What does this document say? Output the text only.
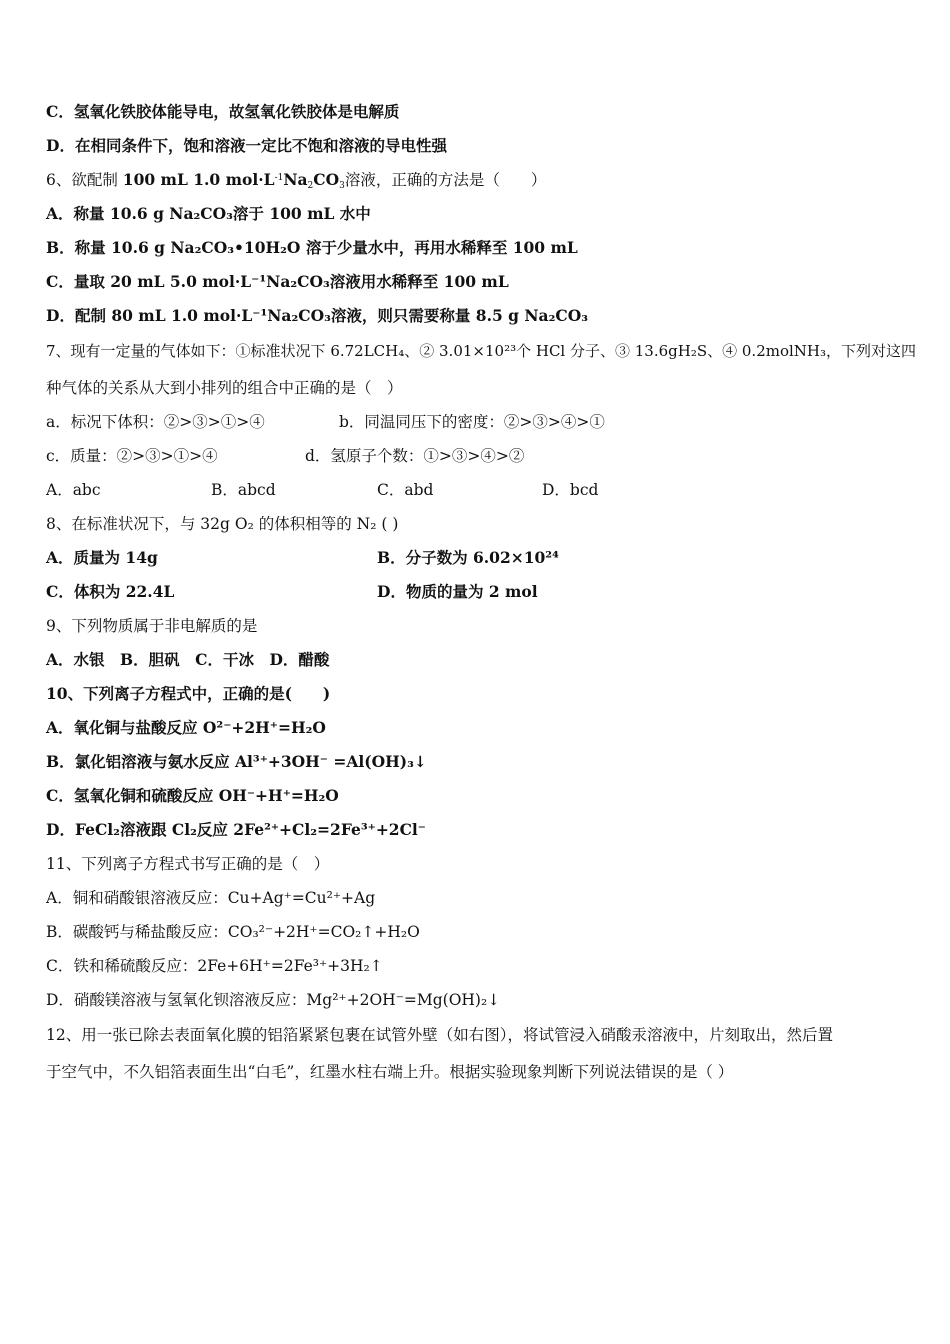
C．氢氧化铁胶体能导电，故氢氧化铁胶体是电解质
D．在相同条件下，饱和溶液一定比不饱和溶液的导电性强
6、欲配制 100 mL 1.0 $mol\cdot L^{-1}Na_2CO_3$溶液，正确的方法是（　　）
A．称量 10.6 g Na₂CO₃溶于 100 mL 水中
B．称量 10.6 g Na₂CO₃•10H₂O 溶于少量水中，再用水稀释至 100 mL
C．量取 20 mL 5.0 mol·L⁻¹Na₂CO₃溶液用水稀释至 100 mL
D．配制 80 mL 1.0 mol·L⁻¹Na₂CO₃溶液，则只需要称量 8.5 g Na₂CO₃
7、现有一定量的气体如下：①标准状况下 6.72LCH₄、② 3.01×10²³个 HCl 分子、③ 13.6gH₂S、④ 0.2molNH₃，下列对这四
种气体的关系从大到小排列的组合中正确的是（　）
a．标况下体积：②>③>①>④	b．同温同压下的密度：②>③>④>①
c．质量：②>③>①>④	d．氢原子个数：①>③>④>②
A．abc	B．abcd	C．abd	D．bcd
8、在标准状况下，与 32g O₂ 的体积相等的 N₂ ( )
A．质量为 14g	B．分子数为 6.02×10²⁴
C．体积为 22.4L	D．物质的量为 2 mol
9、下列物质属于非电解质的是
A．水银　B．胆矾　C．干冰　D．醋酸
10、下列离子方程式中，正确的是(　　)
A．氧化铜与盐酸反应 O²⁻+2H⁺=H₂O
B．氯化铝溶液与氨水反应 Al³⁺+3OH⁻ =Al(OH)₃↓
C．氢氧化铜和硫酸反应 OH⁻+H⁺=H₂O
D．FeCl₂溶液跟 Cl₂反应 2Fe²⁺+Cl₂=2Fe³⁺+2Cl⁻
11、下列离子方程式书写正确的是（　）
A．铜和硝酸银溶液反应：Cu+Ag⁺=Cu²⁺+Ag
B．碳酸钙与稀盐酸反应：CO₃²⁻+2H⁺=CO₂↑+H₂O
C．铁和稀硫酸反应：2Fe+6H⁺=2Fe³⁺+3H₂↑
D．硝酸镁溶液与氢氧化钡溶液反应：Mg²⁺+2OH⁻=Mg(OH)₂↓
12、用一张已除去表面氧化膜的铝箔紧紧包裹在试管外壁（如右图），将试管浸入硝酸汞溶液中，片刻取出，然后置
于空气中，不久铝箔表面生出“白毛”，红墨水柱右端上升。根据实验现象判断下列说法错误的是（ ）
